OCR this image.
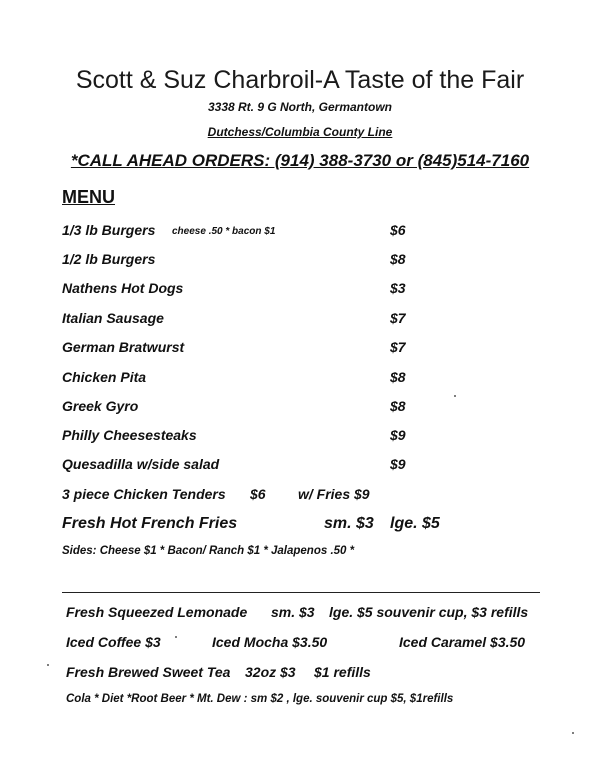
Scott & Suz Charbroil-A Taste of the Fair
3338 Rt. 9 G North, Germantown
Dutchess/Columbia County Line
*CALL AHEAD ORDERS: (914) 388-3730 or (845)514-7160
MENU
1/3 lb Burgers cheese .50 * bacon $1	$6
1/2 lb Burgers	$8
Nathens Hot Dogs	$3
Italian Sausage	$7
German Bratwurst	$7
Chicken Pita	$8
Greek Gyro	$8
Philly Cheesesteaks	$9
Quesadilla w/side salad	$9
3 piece Chicken Tenders $6 w/ Fries $9
Fresh Hot French Fries	sm. $3 lge. $5
Sides: Cheese $1 * Bacon/ Ranch $1 * Jalapenos .50 *
Fresh Squeezed Lemonade sm. $3 lge. $5 souvenir cup, $3 refills
Iced Coffee $3	Iced Mocha $3.50	Iced Caramel $3.50
Fresh Brewed Sweet Tea 32oz $3 $1 refills
Cola * Diet *Root Beer * Mt. Dew : sm $2 , lge. souvenir cup $5, $1refills
